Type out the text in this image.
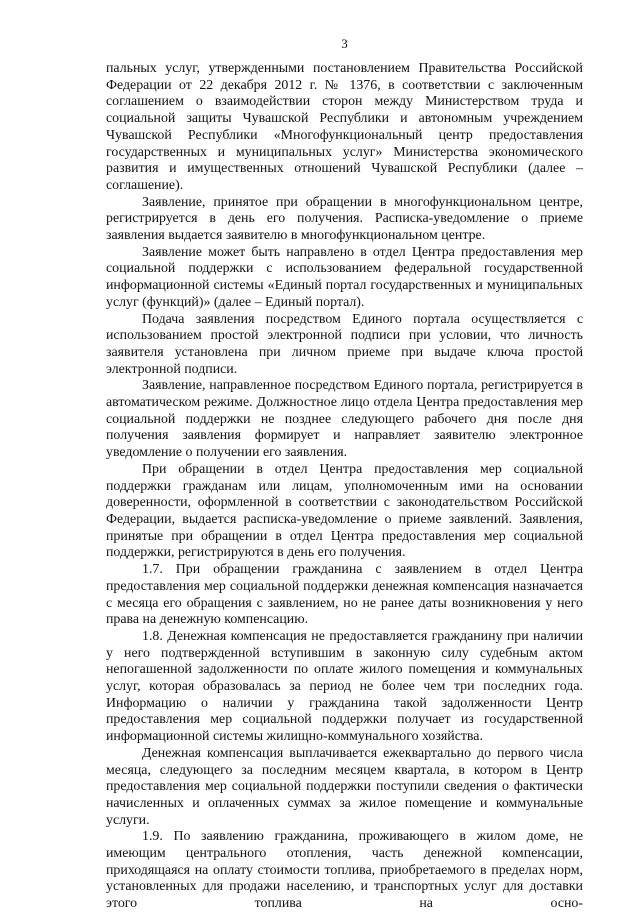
3

пальных услуг, утвержденными постановлением Правительства Российской Федерации от 22 декабря 2012 г. № 1376, в соответствии с заключенным соглашением о взаимодействии сторон между Министерством труда и социальной защиты Чувашской Республики и автономным учреждением Чувашской Республики «Многофункциональный центр предоставления государственных и муниципальных услуг» Министерства экономического развития и имущественных отношений Чувашской Республики (далее – соглашение).

Заявление, принятое при обращении в многофункциональном центре, регистрируется в день его получения. Расписка-уведомление о приеме заявления выдается заявителю в многофункциональном центре.

Заявление может быть направлено в отдел Центра предоставления мер социальной поддержки с использованием федеральной государственной информационной системы «Единый портал государственных и муниципальных услуг (функций)» (далее – Единый портал).

Подача заявления посредством Единого портала осуществляется с использованием простой электронной подписи при условии, что личность заявителя установлена при личном приеме при выдаче ключа простой электронной подписи.

Заявление, направленное посредством Единого портала, регистрируется в автоматическом режиме. Должностное лицо отдела Центра предоставления мер социальной поддержки не позднее следующего рабочего дня после дня получения заявления формирует и направляет заявителю электронное уведомление о получении его заявления.

При обращении в отдел Центра предоставления мер социальной поддержки гражданам или лицам, уполномоченным ими на основании доверенности, оформленной в соответствии с законодательством Российской Федерации, выдается расписка-уведомление о приеме заявлений. Заявления, принятые при обращении в отдел Центра предоставления мер социальной поддержки, регистрируются в день его получения.

1.7. При обращении гражданина с заявлением в отдел Центра предоставления мер социальной поддержки денежная компенсация назначается с месяца его обращения с заявлением, но не ранее даты возникновения у него права на денежную компенсацию.

1.8. Денежная компенсация не предоставляется гражданину при наличии у него подтвержденной вступившим в законную силу судебным актом непогашенной задолженности по оплате жилого помещения и коммунальных услуг, которая образовалась за период не более чем три последних года. Информацию о наличии у гражданина такой задолженности Центр предоставления мер социальной поддержки получает из государственной информационной системы жилищно-коммунального хозяйства.

Денежная компенсация выплачивается ежеквартально до первого числа месяца, следующего за последним месяцем квартала, в котором в Центр предоставления мер социальной поддержки поступили сведения о фактически начисленных и оплаченных суммах за жилое помещение и коммунальные услуги.

1.9. По заявлению гражданина, проживающего в жилом доме, не имеющим центрального отопления, часть денежной компенсации, приходящаяся на оплату стоимости топлива, приобретаемого в пределах норм, установленных для продажи населению, и транспортных услуг для доставки этого топлива на осно-
